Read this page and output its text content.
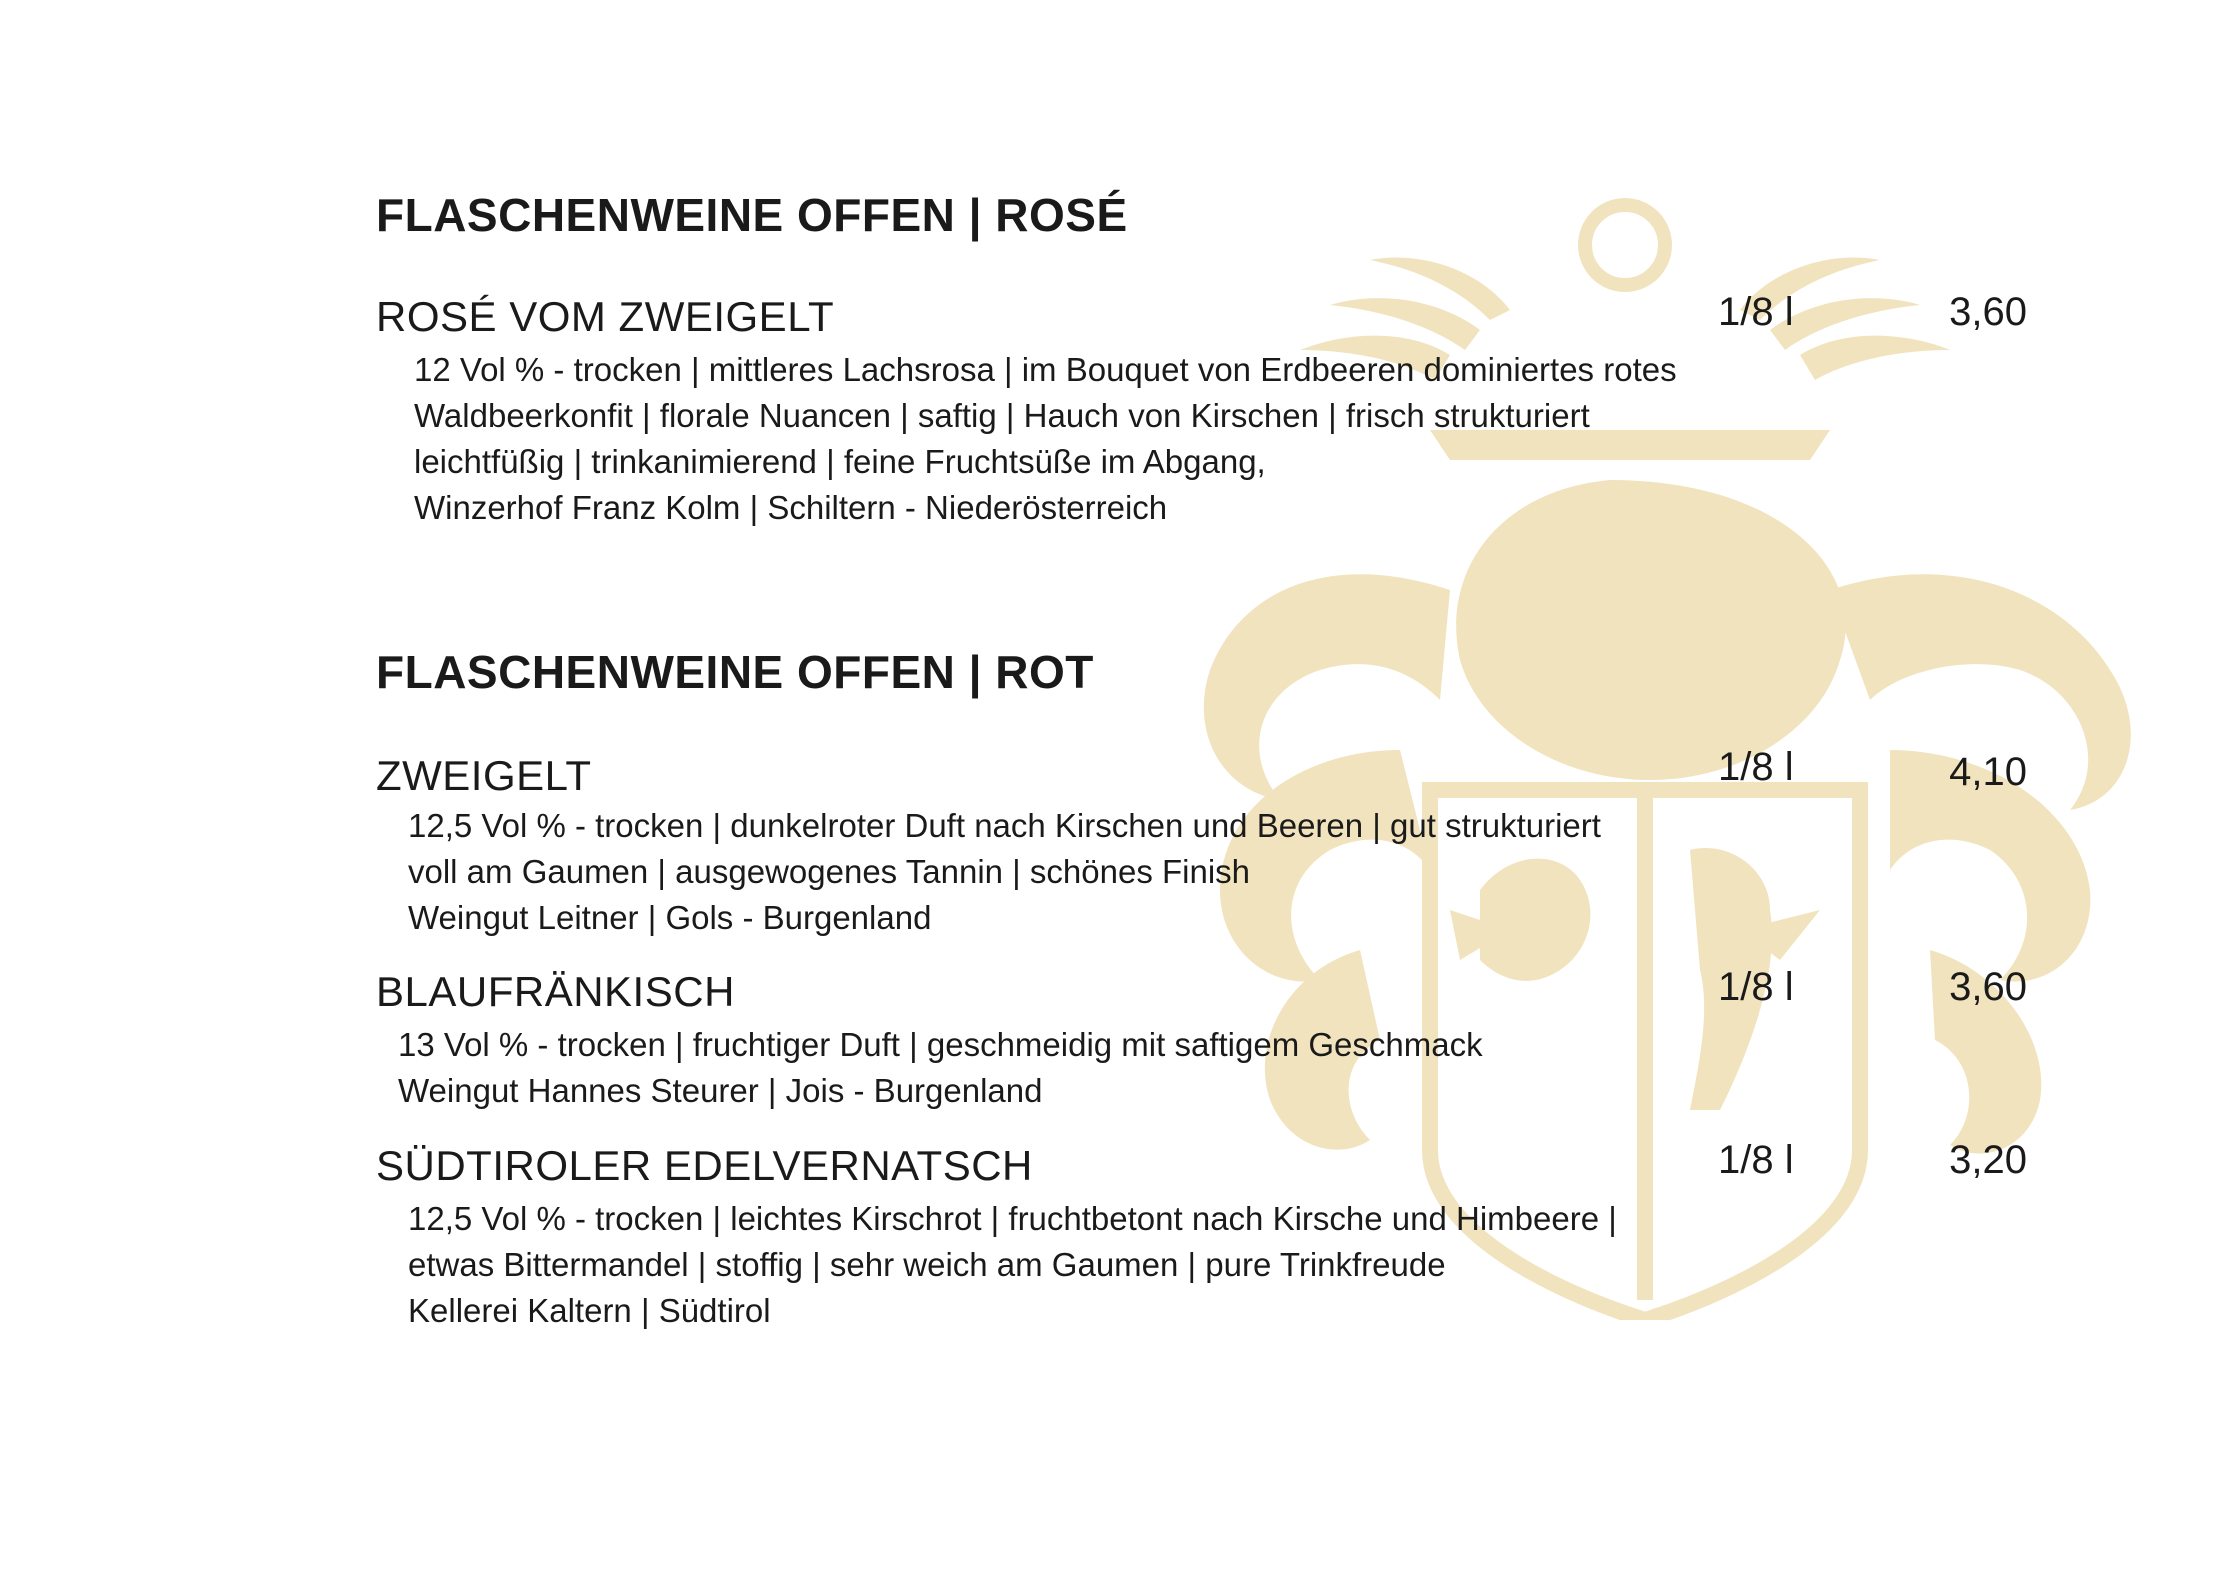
FLASCHENWEINE OFFEN | ROSÉ
ROSÉ VOM ZWEIGELT	1/8 l	3,60
12 Vol % - trocken | mittleres Lachsrosa | im Bouquet von Erdbeeren dominiertes rotes
Waldbeerkonfit | florale Nuancen | saftig | Hauch von Kirschen | frisch strukturiert
leichtfüßig | trinkanimierend | feine Fruchtsüße im Abgang,
Winzerhof Franz Kolm | Schiltern - Niederösterreich
FLASCHENWEINE OFFEN | ROT
ZWEIGELT	1/8 l	4,10
12,5 Vol % - trocken | dunkelroter Duft nach Kirschen und Beeren | gut strukturiert
voll am Gaumen | ausgewogenes Tannin | schönes Finish
Weingut Leitner | Gols - Burgenland
BLAUFRÄNKISCH	1/8 l	3,60
13 Vol % - trocken | fruchtiger Duft | geschmeidig mit saftigem Geschmack
Weingut Hannes Steurer | Jois - Burgenland
SÜDTIROLER EDELVERNATSCH	1/8 l	3,20
12,5 Vol % - trocken | leichtes Kirschrot | fruchtbetont nach Kirsche und Himbeere |
etwas Bittermandel | stoffig | sehr weich am Gaumen | pure Trinkfreude
Kellerei Kaltern | Südtirol
